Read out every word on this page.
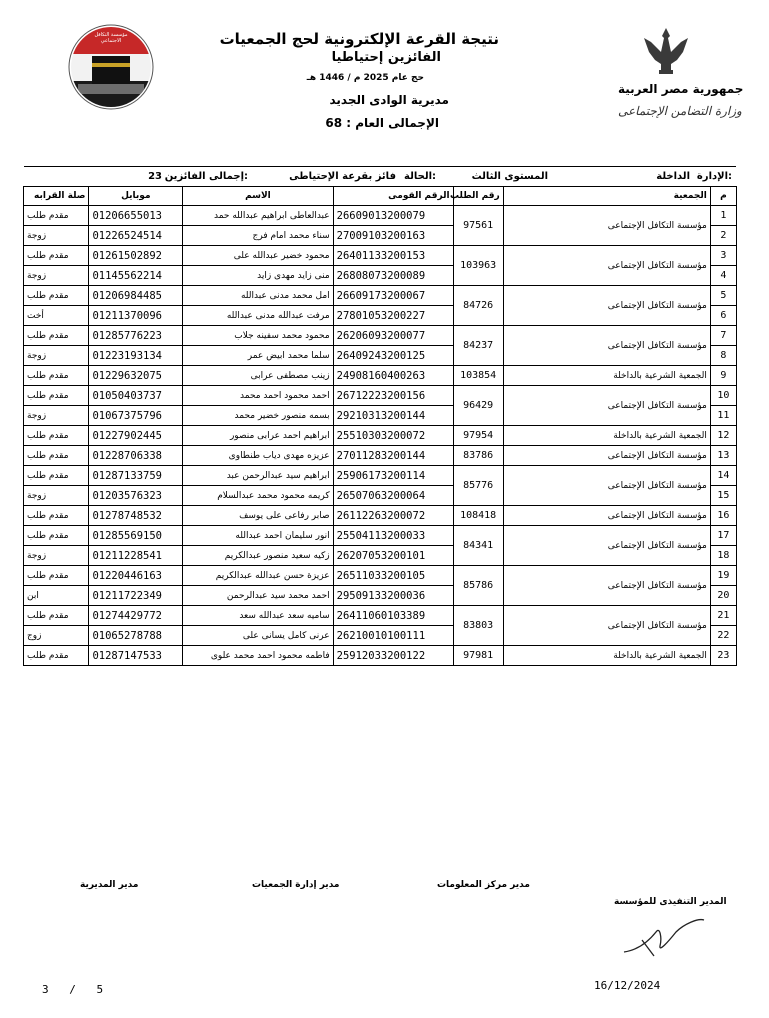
مؤسسة التكافل الاجتماعي	نتيجة القرعة الإلكترونية لحج الجمعيات
الفائزين إحتياطيا
حج عام 2025 م / 1446 هـ
مديرية الوادى الجديد
الإجمالى العام : 68
جمهورية مصر العربية
وزارة التضامن الإجتماعى
الإدارة:
الداخلة
المستوى الثالث
الحالة:
فائز بقرعة الإحتياطى
إجمالى الفائزين:
23
م	الجمعية	رقم الطلب	الرقم القومى	الاسم	موبايل	صلة القرابه
1	مؤسسة التكافل الإجتماعى	97561	26609013200079	عبدالعاطى ابراهيم عبدالله حمد	01206655013	مقدم طلب
2			27009103200163	سناء محمد امام فرج	01226524514	زوجة
3	مؤسسة التكافل الإجتماعى	103963	26401133200153	محمود خضير عبدالله على	01261502892	مقدم طلب
4			26808073200089	منى زايد مهدى زايد	01145562214	زوجة
5	مؤسسة التكافل الإجتماعى	84726	26609173200067	امل محمد مدنى عبدالله	01206984485	مقدم طلب
6			27801053200227	مرفت عبدالله مدنى عبدالله	01211370096	أخت
7	مؤسسة التكافل الإجتماعى	84237	26206093200077	محمود محمد سفينه جلاب	01285776223	مقدم طلب
8			26409243200125	سلما محمد ابيض عمر	01223193134	زوجة
9	الجمعية الشرعية بالداخلة	103854	24908160400263	زينب مصطفى عرابى	01229632075	مقدم طلب
10	مؤسسة التكافل الإجتماعى	96429	26712223200156	احمد محمود احمد محمد	01050403737	مقدم طلب
11			29210313200144	بسمه منصور خضير محمد	01067375796	زوجة
12	الجمعية الشرعية بالداخلة	97954	25510303200072	ابراهيم احمد عرابى منصور	01227902445	مقدم طلب
13	مؤسسة التكافل الإجتماعى	83786	27011283200144	عزيزه مهدى دياب طنطاوى	01228706338	مقدم طلب
14	مؤسسة التكافل الإجتماعى	85776	25906173200114	ابراهيم سيد عبدالرحمن عبد	01287133759	مقدم طلب
15			26507063200064	كريمه محمود محمد عبدالسلام	01203576323	زوجة
16	مؤسسة التكافل الإجتماعى	108418	26112263200072	صابر رفاعى على يوسف	01278748532	مقدم طلب
17	مؤسسة التكافل الإجتماعى	84341	25504113200033	انور سليمان احمد عبدالله	01285569150	مقدم طلب
18			26207053200101	زكيه سعيد منصور عبدالكريم	01211228541	زوجة
19	مؤسسة التكافل الإجتماعى	85786	26511033200105	عزيزة حسن عبدالله عبدالكريم	01220446163	مقدم طلب
20			29509133200036	احمد محمد سيد عبدالرحمن	01211722349	ابن
21	مؤسسة التكافل الإجتماعى	83803	26411060103389	ساميه سعد عبدالله سعد	01274429772	مقدم طلب
22			26210010100111	عرنى كامل يسانى على	01065278788	زوج
23	الجمعية الشرعية بالداخلة	97981	25912033200122	فاطمه محمود احمد محمد علوى	01287147533	مقدم طلب
مدير المديرية	مدير إدارة الجمعيات	مدير مركز المعلومات
المدير التنفيذى للمؤسسة
3 / 5	16/12/2024
